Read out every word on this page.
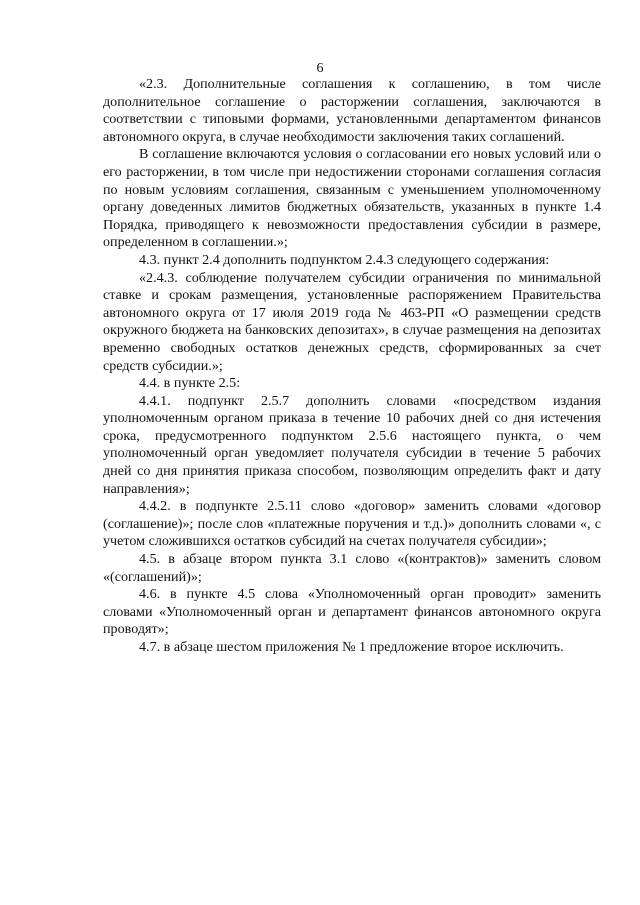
6

«2.3. Дополнительные соглашения к соглашению, в том числе дополнительное соглашение о расторжении соглашения, заключаются в соответствии с типовыми формами, установленными департаментом финансов автономного округа, в случае необходимости заключения таких соглашений.

В соглашение включаются условия о согласовании его новых условий или о его расторжении, в том числе при недостижении сторонами соглашения согласия по новым условиям соглашения, связанным с уменьшением уполномоченному органу доведенных лимитов бюджетных обязательств, указанных в пункте 1.4 Порядка, приводящего к невозможности предоставления субсидии в размере, определенном в соглашении.»;

4.3. пункт 2.4 дополнить подпунктом 2.4.3 следующего содержания:

«2.4.3. соблюдение получателем субсидии ограничения по минимальной ставке и срокам размещения, установленные распоряжением Правительства автономного округа от 17 июля 2019 года № 463-РП «О размещении средств окружного бюджета на банковских депозитах», в случае размещения на депозитах временно свободных остатков денежных средств, сформированных за счет средств субсидии.»;

4.4. в пункте 2.5:

4.4.1. подпункт 2.5.7 дополнить словами «посредством издания уполномоченным органом приказа в течение 10 рабочих дней со дня истечения срока, предусмотренного подпунктом 2.5.6 настоящего пункта, о чем уполномоченный орган уведомляет получателя субсидии в течение 5 рабочих дней со дня принятия приказа способом, позволяющим определить факт и дату направления»;

4.4.2. в подпункте 2.5.11 слово «договор» заменить словами «договор (соглашение)»; после слов «платежные поручения и т.д.)» дополнить словами «, с учетом сложившихся остатков субсидий на счетах получателя субсидии»;

4.5. в абзаце втором пункта 3.1 слово «(контрактов)» заменить словом «(соглашений)»;

4.6. в пункте 4.5 слова «Уполномоченный орган проводит» заменить словами «Уполномоченный орган и департамент финансов автономного округа проводят»;

4.7. в абзаце шестом приложения № 1 предложение второе исключить.
